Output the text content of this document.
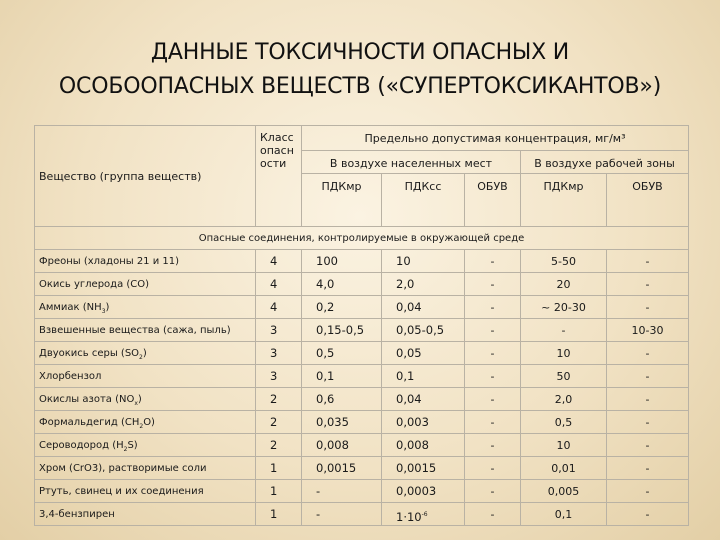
ДАННЫЕ ТОКСИЧНОСТИ ОПАСНЫХ И
ОСОБООПАСНЫХ ВЕЩЕСТВ («СУПЕРТОКСИКАНТОВ»)
Вещество (группа веществ)	Класс опасн ости	Предельно допустимая концентрация, мг/м³				
		В воздухе населенных мест			В воздухе рабочей зоны	
		ПДКмр	ПДКсс	ОБУВ	ПДКмр	ОБУВ
Опасные соединения, контролируемые в окружающей среде						
Фреоны (хладоны 21 и 11)	4	100	10	-	5-50	-
Окись углерода (CO)	4	4,0	2,0	-	20	-
Аммиак $(NH_3)$	4	0,2	0,04	-	~ 20-30	-
Взвешенные вещества (сажа, пыль)	3	0,15-0,5	0,05-0,5	-	-	10-30
Двуокись серы $(SO_2)$	3	0,5	0,05	-	10	-
Хлорбензол	3	0,1	0,1	-	50	-
Окислы азота $(NO_x)$	2	0,6	0,04	-	2,0	-
Формальдегид $(CH_2O)$	2	0,035	0,003	-	0,5	-
Сероводород $(H_2S)$	2	0,008	0,008	-	10	-
Хром (CrO3), растворимые соли	1	0,0015	0,0015	-	0,01	-
Ртуть, свинец и их соединения	1	-	0,0003	-	0,005	-
3,4-бензпирен	1	-	$1\cdot 10^{-6}$	-	0,1	-
